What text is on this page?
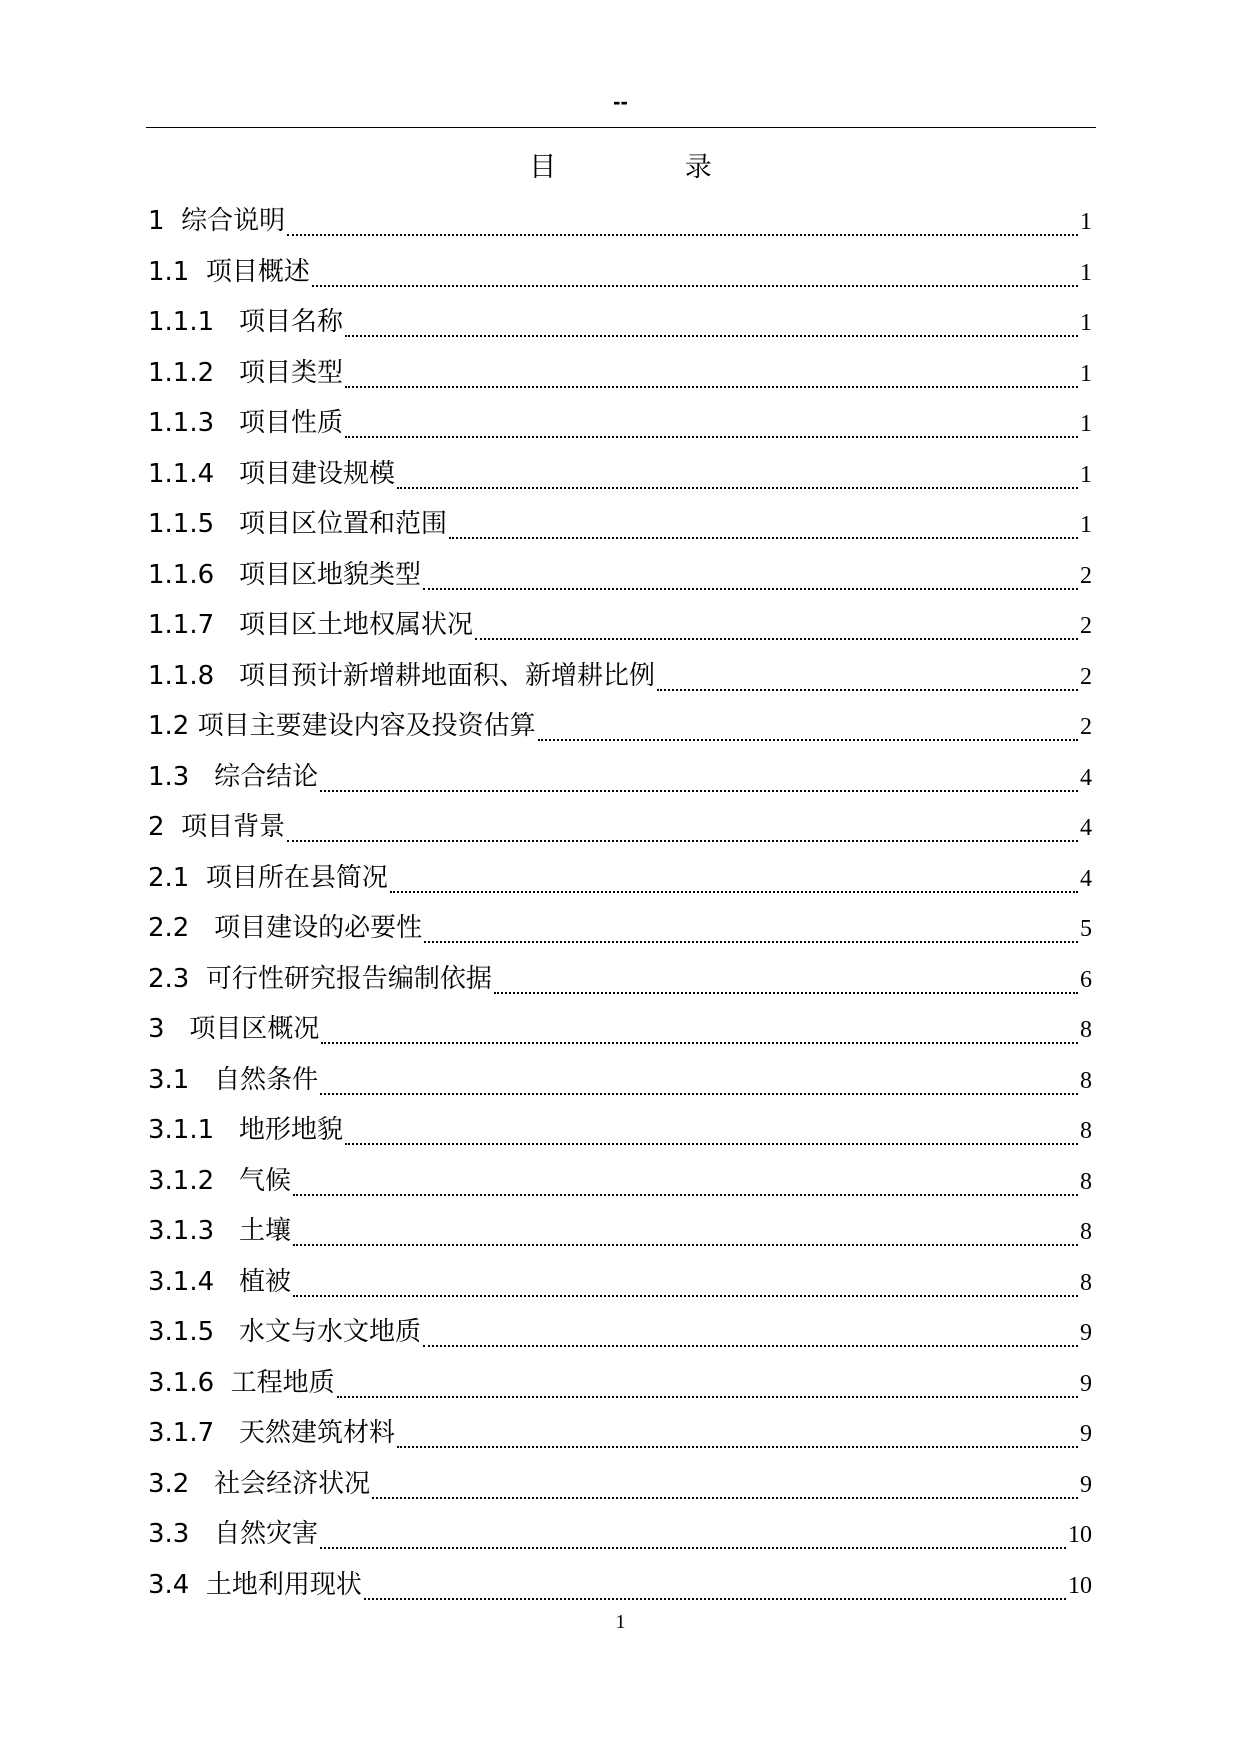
--
目 录
1  综合说明	1
1.1  项目概述	1
1.1.1   项目名称	1
1.1.2   项目类型	1
1.1.3   项目性质	1
1.1.4   项目建设规模	1
1.1.5   项目区位置和范围	1
1.1.6   项目区地貌类型	2
1.1.7   项目区土地权属状况	2
1.1.8   项目预计新增耕地面积、新增耕比例	2
1.2 项目主要建设内容及投资估算	2
1.3   综合结论	4
2  项目背景	4
2.1  项目所在县简况	4
2.2   项目建设的必要性	5
2.3  可行性研究报告编制依据	6
3   项目区概况	8
3.1   自然条件	8
3.1.1   地形地貌	8
3.1.2   气候	8
3.1.3   土壤	8
3.1.4   植被	8
3.1.5   水文与水文地质	9
3.1.6  工程地质	9
3.1.7   天然建筑材料	9
3.2   社会经济状况	9
3.3   自然灾害	10
3.4  土地利用现状	10
1
